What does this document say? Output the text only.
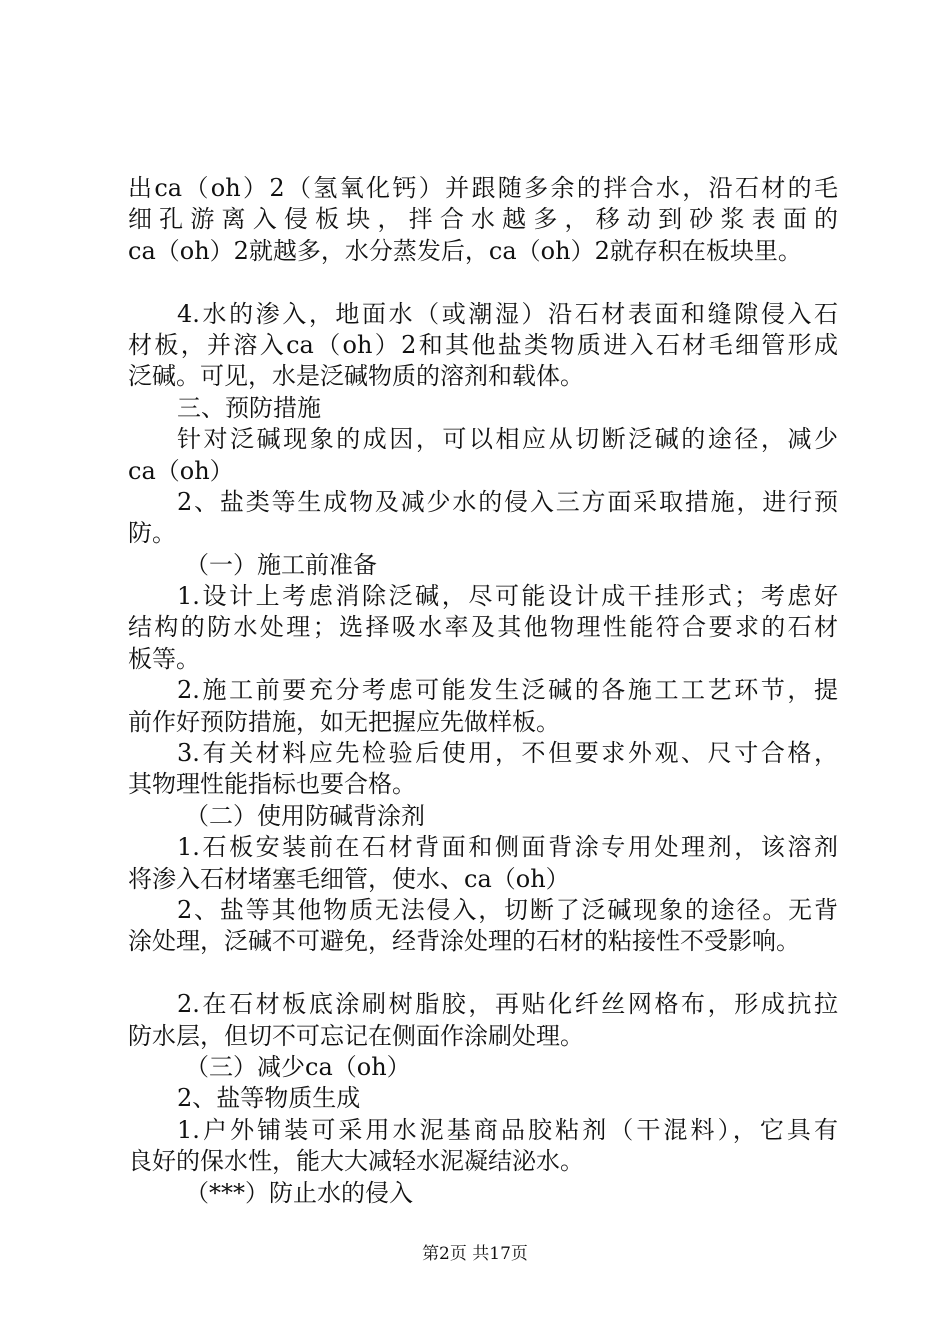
出ca（oh）2（氢氧化钙）并跟随多余的拌合水，沿石材的毛
细孔游离入侵板块，拌合水越多，移动到砂浆表面的
ca（oh）2就越多，水分蒸发后，ca（oh）2就存积在板块里。
4.水的渗入，地面水（或潮湿）沿石材表面和缝隙侵入石
材板，并溶入ca（oh）2和其他盐类物质进入石材毛细管形成
泛碱。可见，水是泛碱物质的溶剂和载体。
三、预防措施
针对泛碱现象的成因，可以相应从切断泛碱的途径，减少
ca（oh）
2、盐类等生成物及减少水的侵入三方面采取措施，进行预
防。
（一）施工前准备
1.设计上考虑消除泛碱，尽可能设计成干挂形式；考虑好
结构的防水处理；选择吸水率及其他物理性能符合要求的石材
板等。
2.施工前要充分考虑可能发生泛碱的各施工工艺环节，提
前作好预防措施，如无把握应先做样板。
3.有关材料应先检验后使用，不但要求外观、尺寸合格，
其物理性能指标也要合格。
（二）使用防碱背涂剂
1.石板安装前在石材背面和侧面背涂专用处理剂，该溶剂
将渗入石材堵塞毛细管，使水、ca（oh）
2、盐等其他物质无法侵入，切断了泛碱现象的途径。无背
涂处理，泛碱不可避免，经背涂处理的石材的粘接性不受影响。
2.在石材板底涂刷树脂胶，再贴化纤丝网格布，形成抗拉
防水层，但切不可忘记在侧面作涂刷处理。
（三）减少ca（oh）
2、盐等物质生成
1.户外铺装可采用水泥基商品胶粘剂（干混料），它具有
良好的保水性，能大大减轻水泥凝结泌水。
（***）防止水的侵入
第2页 共17页
